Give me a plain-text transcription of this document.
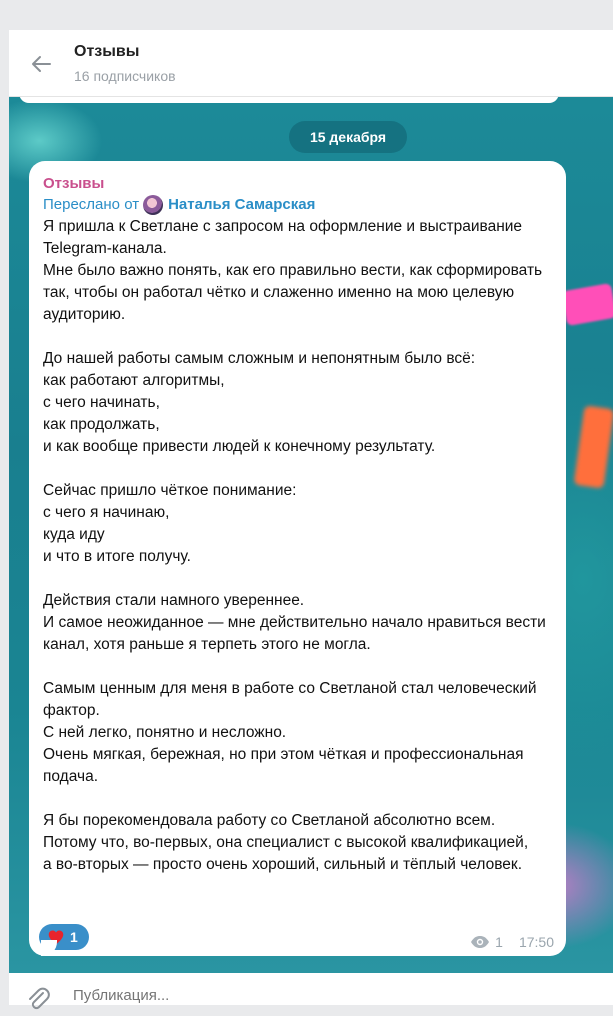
Отзывы
16 подписчиков
15 декабря
Отзывы
Переслано от Наталья Самарская
Я пришла к Светлане с запросом на оформление и выстраивание Telegram-канала.
Мне было важно понять, как его правильно вести, как сформировать так, чтобы он работал чётко и слаженно именно на мою целевую аудиторию.

До нашей работы самым сложным и непонятным было всё:
как работают алгоритмы,
с чего начинать,
как продолжать,
и как вообще привести людей к конечному результату.

Сейчас пришло чёткое понимание:
с чего я начинаю,
куда иду
и что в итоге получу.

Действия стали намного увереннее.
И самое неожиданное — мне действительно начало нравиться вести канал, хотя раньше я терпеть этого не могла.

Самым ценным для меня в работе со Светланой стал человеческий фактор.
С ней легко, понятно и несложно.
Очень мягкая, бережная, но при этом чёткая и профессиональная подача.

Я бы порекомендовала работу со Светланой абсолютно всем.
Потому что, во-первых, она специалист с высокой квалификацией,
а во-вторых — просто очень хороший, сильный и тёплый человек.
1	1 17:50
Публикация...
